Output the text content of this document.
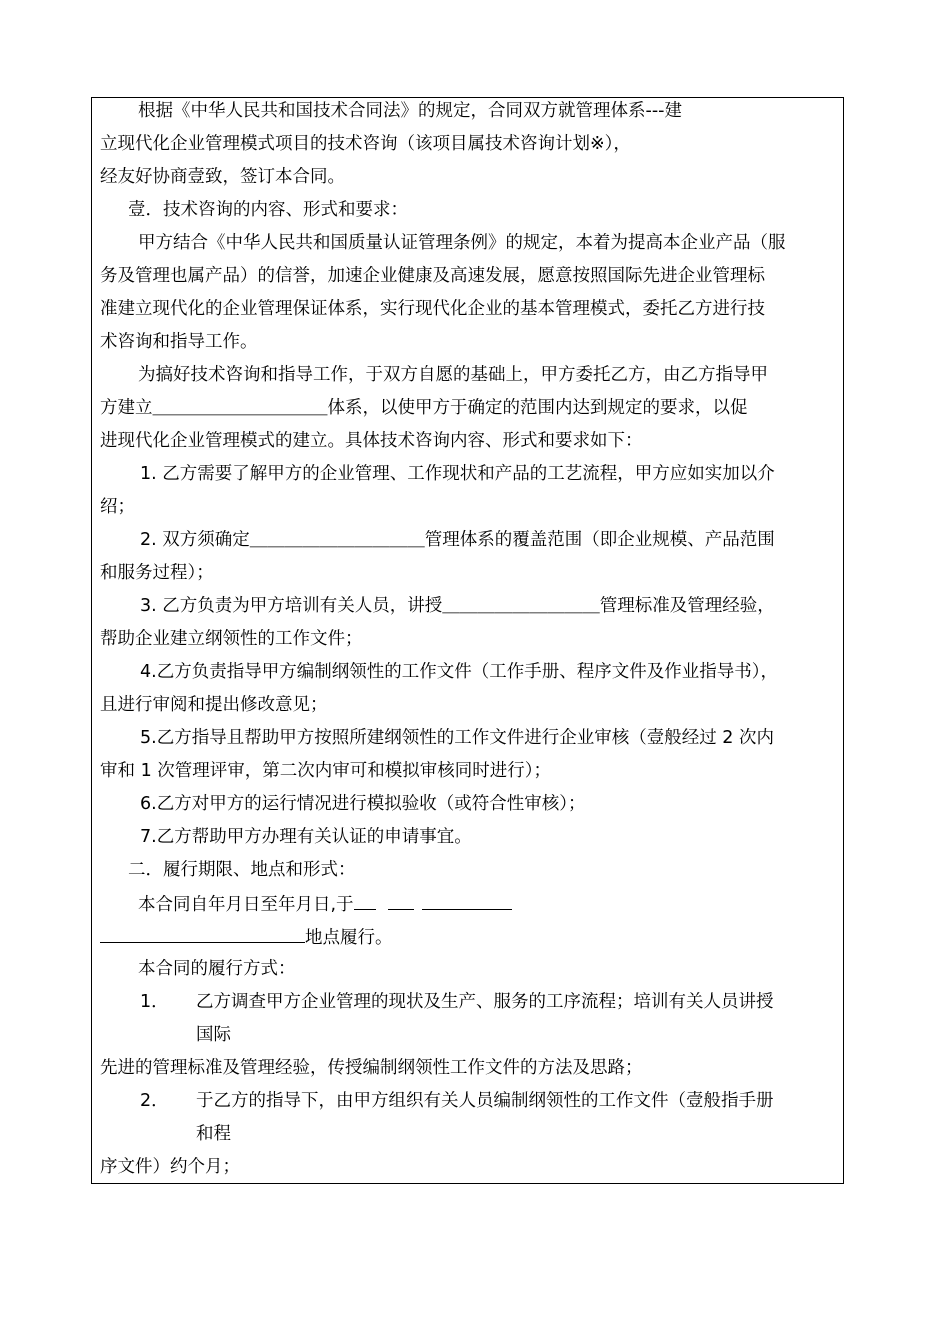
根据《中华人民共和国技术合同法》的规定，合同双方就管理体系---建

立现代化企业管理模式项目的技术咨询（该项目属技术咨询计划※），

经友好协商壹致，签订本合同。

壹．技术咨询的内容、形式和要求：

甲方结合《中华人民共和国质量认证管理条例》的规定，本着为提高本企业产品（服

务及管理也属产品）的信誉，加速企业健康及高速发展，愿意按照国际先进企业管理标

准建立现代化的企业管理保证体系，实行现代化企业的基本管理模式，委托乙方进行技

术咨询和指导工作。

为搞好技术咨询和指导工作，于双方自愿的基础上，甲方委托乙方，由乙方指导甲

方建立＿＿＿＿＿＿＿＿＿＿体系，以使甲方于确定的范围内达到规定的要求，以促

进现代化企业管理模式的建立。具体技术咨询内容、形式和要求如下：

1. 乙方需要了解甲方的企业管理、工作现状和产品的工艺流程，甲方应如实加以介

绍；

2. 双方须确定＿＿＿＿＿＿＿＿＿＿管理体系的覆盖范围（即企业规模、产品范围

和服务过程）；

3. 乙方负责为甲方培训有关人员，讲授＿＿＿＿＿＿＿＿＿管理标准及管理经验，

帮助企业建立纲领性的工作文件；

4.乙方负责指导甲方编制纲领性的工作文件（工作手册、程序文件及作业指导书），

且进行审阅和提出修改意见；

5.乙方指导且帮助甲方按照所建纲领性的工作文件进行企业审核（壹般经过 2 次内

审和 1 次管理评审，第二次内审可和模拟审核同时进行）；

6.乙方对甲方的运行情况进行模拟验收（或符合性审核）；

7.乙方帮助甲方办理有关认证的申请事宜。

二．履行期限、地点和形式：

本合同自年月日至年月日,于

地点履行。

本合同的履行方式：

1． 乙方调查甲方企业管理的现状及生产、服务的工序流程；培训有关人员讲授

国际

先进的管理标准及管理经验，传授编制纲领性工作文件的方法及思路；

2． 于乙方的指导下，由甲方组织有关人员编制纲领性的工作文件（壹般指手册

和程

序文件）约个月；
